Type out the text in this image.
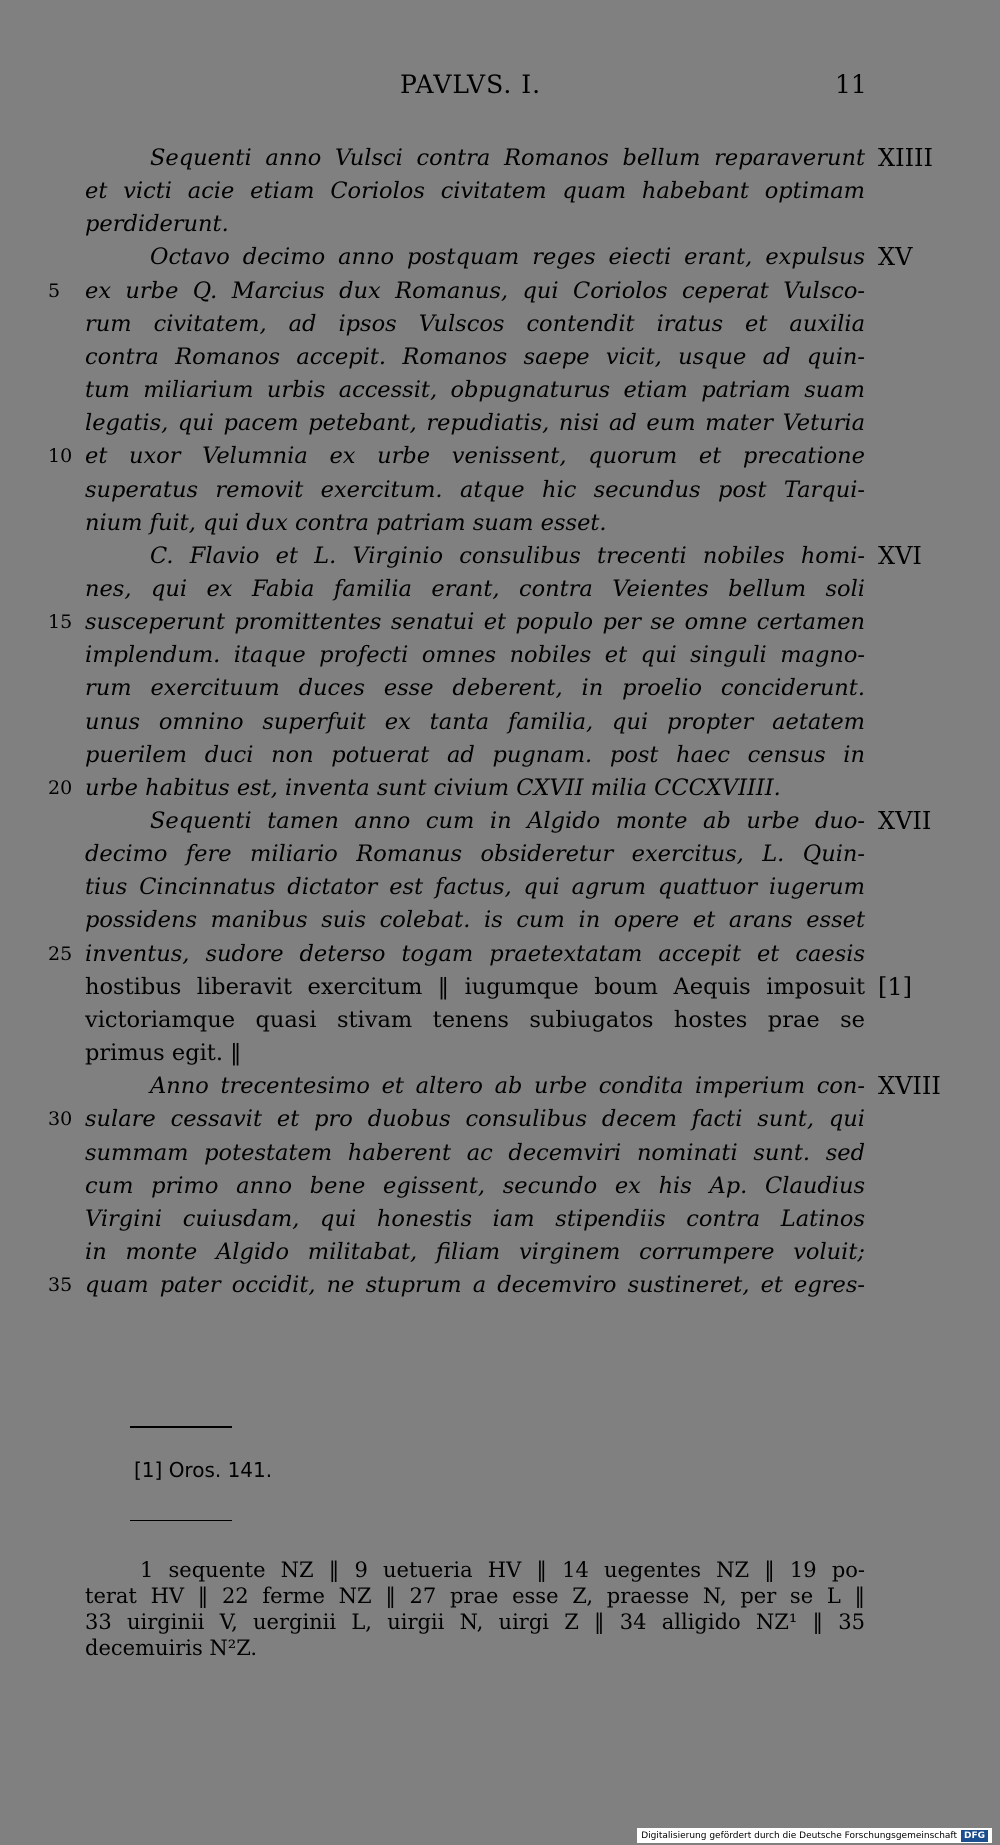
PAVLVS. I.	11
Sequenti anno Vulsci contra Romanos bellum reparaverunt XIIII
et victi acie etiam Coriolos civitatem quam habebant optimam
perdiderunt.
Octavo decimo anno postquam reges eiecti erant, expulsus XV
ex urbe Q. Marcius dux Romanus, qui Coriolos ceperat Vulsco-
5
rum civitatem, ad ipsos Vulscos contendit iratus et auxilia
contra Romanos accepit. Romanos saepe vicit, usque ad quin-
tum miliarium urbis accessit, obpugnaturus etiam patriam suam
legatis, qui pacem petebant, repudiatis, nisi ad eum mater Veturia
et uxor Velumnia ex urbe venissent, quorum et precatione
10
superatus removit exercitum. atque hic secundus post Tarqui-
nium fuit, qui dux contra patriam suam esset.
C. Flavio et L. Virginio consulibus trecenti nobiles homi- XVI
nes, qui ex Fabia familia erant, contra Veientes bellum soli
susceperunt promittentes senatui et populo per se omne certamen
15
implendum. itaque profecti omnes nobiles et qui singuli magno-
rum exercituum duces esse deberent, in proelio conciderunt.
unus omnino superfuit ex tanta familia, qui propter aetatem
puerilem duci non potuerat ad pugnam. post haec census in
urbe habitus est, inventa sunt civium CXVII milia CCCXVIIII.
20
Sequenti tamen anno cum in Algido monte ab urbe duo- XVII
decimo fere miliario Romanus obsideretur exercitus, L. Quin-
tius Cincinnatus dictator est factus, qui agrum quattuor iugerum
possidens manibus suis colebat. is cum in opere et arans esset
inventus, sudore deterso togam praetextatam accepit et caesis
25
hostibus liberavit exercitum ‖ iugumque boum Aequis imposuit [1]
victoriamque quasi stivam tenens subiugatos hostes prae se
primus egit. ‖
Anno trecentesimo et altero ab urbe condita imperium con- XVIII
sulare cessavit et pro duobus consulibus decem facti sunt, qui
30
summam potestatem haberent ac decemviri nominati sunt. sed
cum primo anno bene egissent, secundo ex his Ap. Claudius
Virgini cuiusdam, qui honestis iam stipendiis contra Latinos
in monte Algido militabat, filiam virginem corrumpere voluit;
quam pater occidit, ne stuprum a decemviro sustineret, et egres-
35
[1] Oros. 141.
1 sequente NZ ‖ 9 uetueria HV ‖ 14 uegentes NZ ‖ 19 po-
terat HV ‖ 22 ferme NZ ‖ 27 prae esse Z, praesse N, per se L ‖
33 uirginii V, uerginii L, uirgii N, uirgi Z ‖ 34 alligido NZ¹ ‖ 35
decemuiris N²Z.
Digitalisierung gefördert durch die Deutsche Forschungsgemeinschaft DFG
